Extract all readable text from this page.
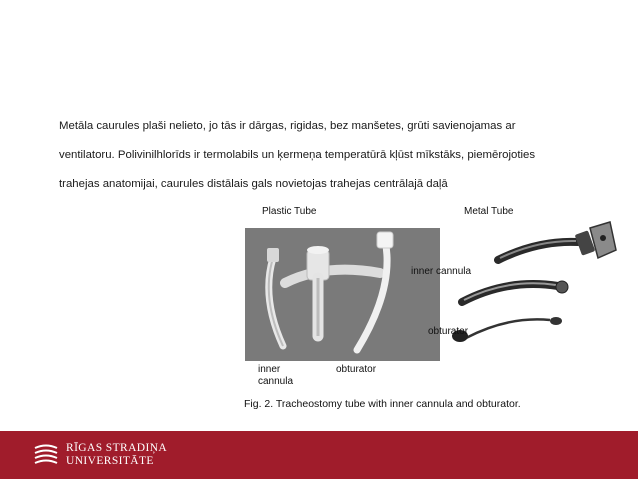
Metāla caurules plaši nelieto, jo tās ir dārgas, rigidas, bez manšetes, grūti savienojamas ar

ventilatoru. Polivinilhlorīds ir termolabils un ķermeņa temperatūrā kļūst mīkstāks, piemērojoties

trahejas anatomijai, caurules distālais gals novietojas trahejas centrālajā daļā

Plastic Tube	Metal Tube
inner
cannula
obturator
inner cannula
obturator
Fig. 2. Tracheostomy tube with inner cannula and obturator.
RĪGAS STRADIŅA
UNIVERSITĀTE
